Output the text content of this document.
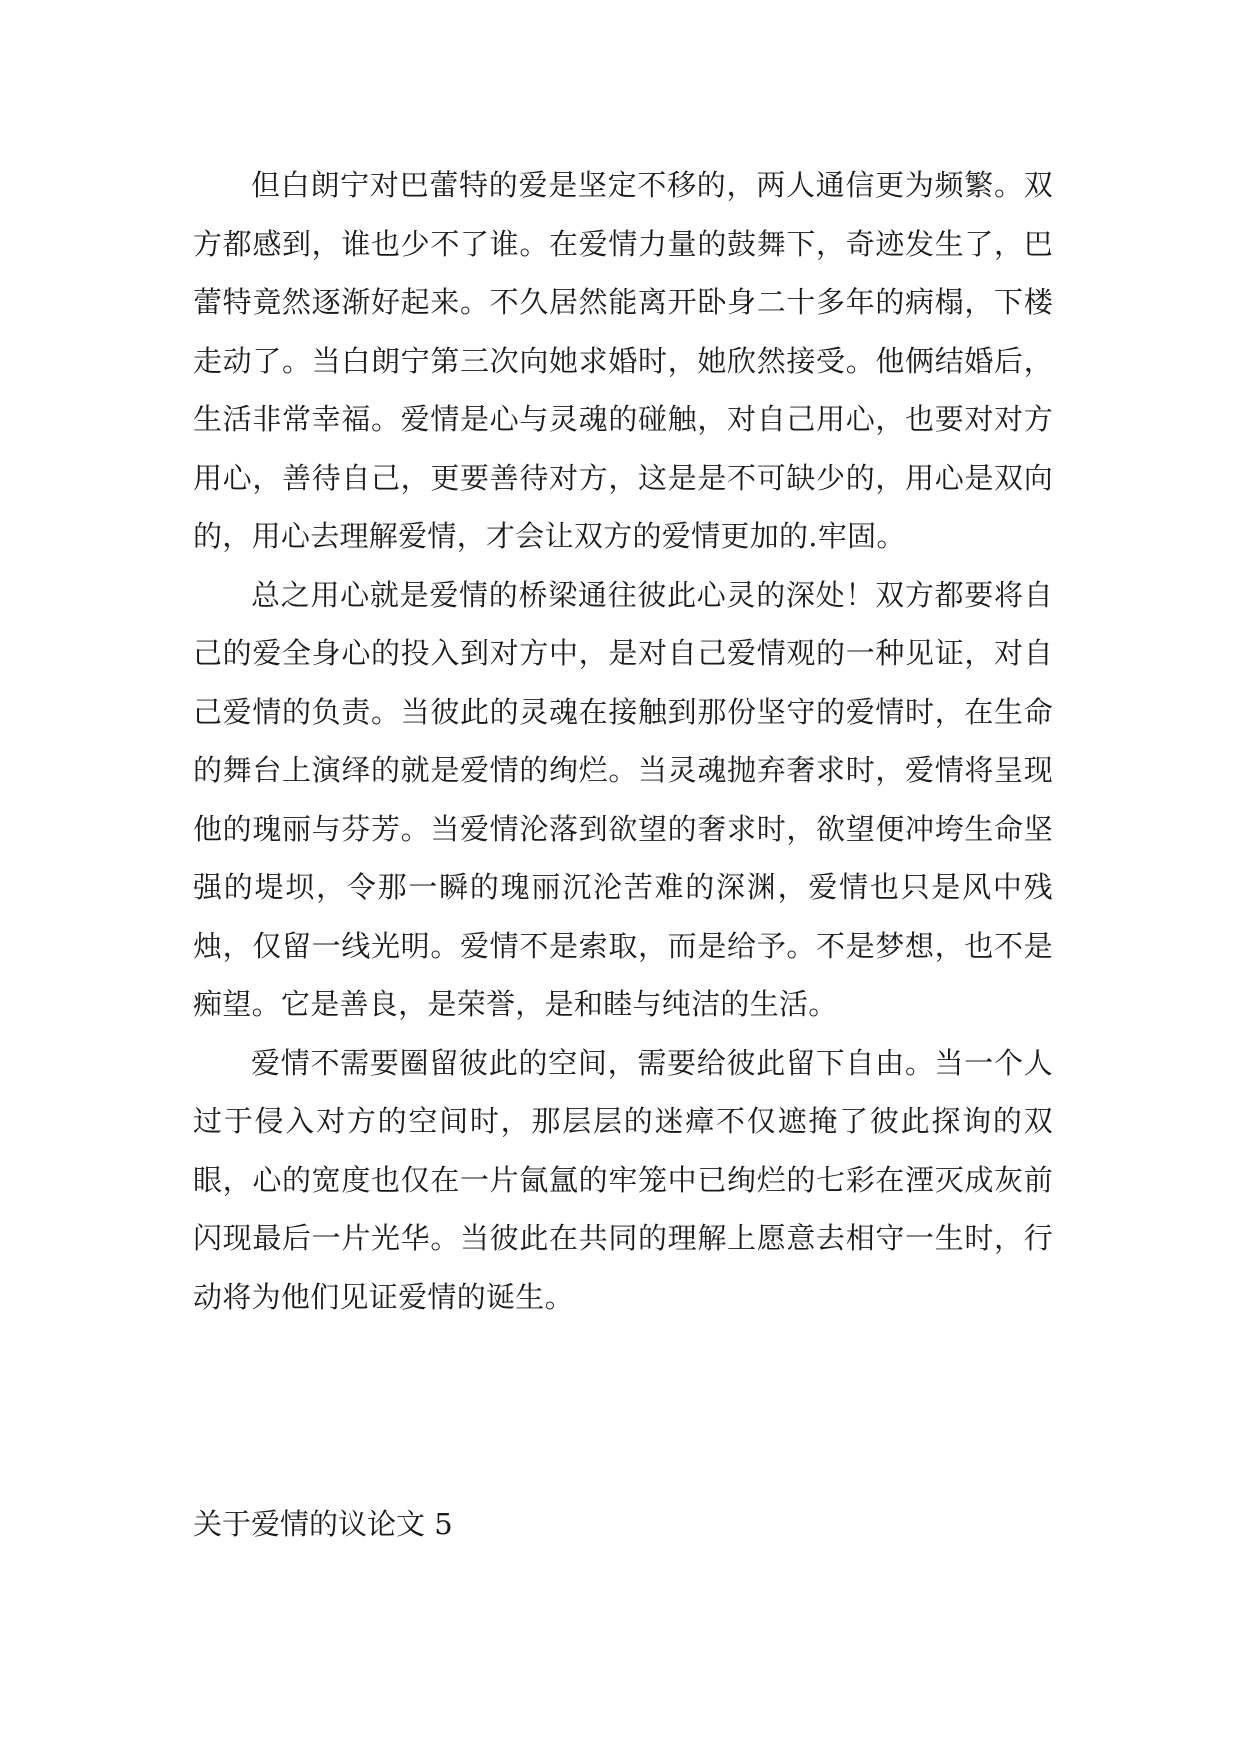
但白朗宁对巴蕾特的爱是坚定不移的，两人通信更为频繁。双方都感到，谁也少不了谁。在爱情力量的鼓舞下，奇迹发生了，巴蕾特竟然逐渐好起来。不久居然能离开卧身二十多年的病榻，下楼走动了。当白朗宁第三次向她求婚时，她欣然接受。他俩结婚后，生活非常幸福。爱情是心与灵魂的碰触，对自己用心，也要对对方用心，善待自己，更要善待对方，这是是不可缺少的，用心是双向的，用心去理解爱情，才会让双方的爱情更加的.牢固。

总之用心就是爱情的桥梁通往彼此心灵的深处！双方都要将自己的爱全身心的投入到对方中，是对自己爱情观的一种见证，对自己爱情的负责。当彼此的灵魂在接触到那份坚守的爱情时，在生命的舞台上演绎的就是爱情的绚烂。当灵魂抛弃奢求时，爱情将呈现他的瑰丽与芬芳。当爱情沦落到欲望的奢求时，欲望便冲垮生命坚强的堤坝，令那一瞬的瑰丽沉沦苦难的深渊，爱情也只是风中残烛，仅留一线光明。爱情不是索取，而是给予。不是梦想，也不是痴望。它是善良，是荣誉，是和睦与纯洁的生活。

爱情不需要圈留彼此的空间，需要给彼此留下自由。当一个人过于侵入对方的空间时，那层层的迷瘴不仅遮掩了彼此探询的双眼，心的宽度也仅在一片氤氲的牢笼中已绚烂的七彩在湮灭成灰前闪现最后一片光华。当彼此在共同的理解上愿意去相守一生时，行动将为他们见证爱情的诞生。

关于爱情的议论文 5
